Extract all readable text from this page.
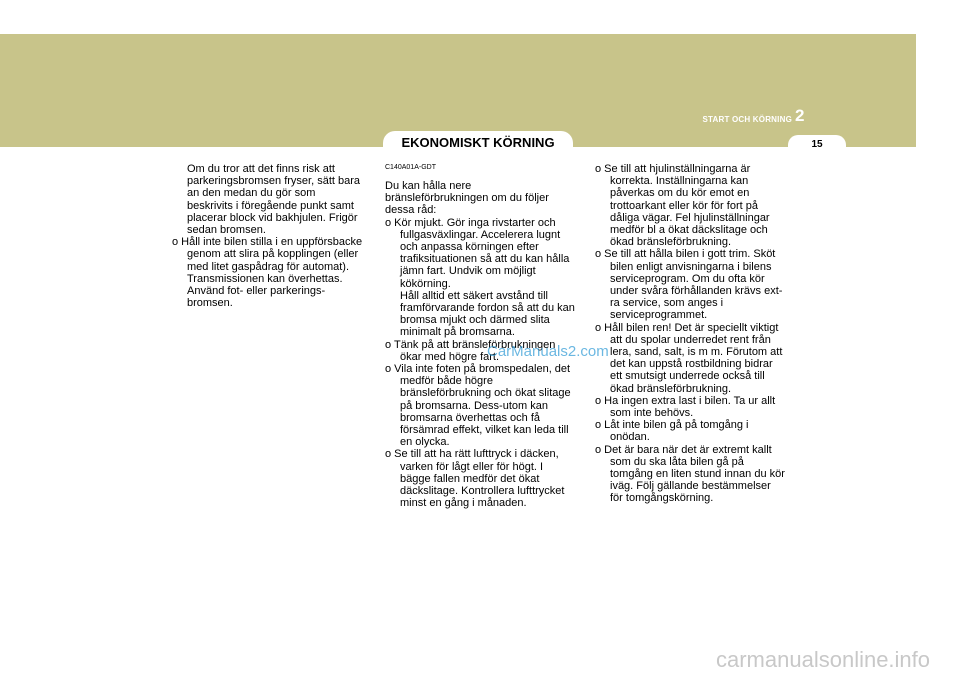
START OCH KÖRNING 2
EKONOMISKT KÖRNING	15

Om du tror att det finns risk att parkeringsbromsen fryser, sätt bara an den medan du gör som beskrivits i föregående punkt samt placerar block vid bakhjulen. Frigör sedan bromsen.

o Håll inte bilen stilla i en uppförsbacke genom att slira på kopplingen (eller med litet gaspådrag för automat). Transmissionen kan överhettas. Använd fot- eller parkerings-bromsen.

C140A01A-GDT

Du kan hålla nere bränsleförbrukningen om du följer dessa råd:

o Kör mjukt. Gör inga rivstarter och fullgasväxlingar. Accelerera lugnt och anpassa körningen efter trafiksituationen så att du kan hålla jämn fart. Undvik om möjligt kökörning.

Håll alltid ett säkert avstånd till framförvarande fordon så att du kan bromsa mjukt och därmed slita minimalt på bromsarna.

o Tänk på att bränsleförbrukningen ökar med högre fart.

o Vila inte foten på bromspedalen, det medför både högre bränsleförbrukning och ökat slitage på bromsarna. Dess-utom kan bromsarna överhettas och få försämrad effekt, vilket kan leda till en olycka.

o Se till att ha rätt lufttryck i däcken, varken för lågt eller för högt. I bägge fallen medför det ökat däckslitage. Kontrollera lufttrycket minst en gång i månaden.

o Se till att hjulinställningarna är korrekta. Inställningarna kan påverkas om du kör emot en trottoarkant eller kör för fort på dåliga vägar. Fel hjulinställningar medför bl a ökat däckslitage och ökad bränsleförbrukning.

o Se till att hålla bilen i gott trim. Sköt bilen enligt anvisningarna i bilens serviceprogram. Om du ofta kör under svåra förhållanden krävs ext-ra service, som anges i serviceprogrammet.

o Håll bilen ren! Det är speciellt viktigt att du spolar underredet rent från lera, sand, salt, is m m. Förutom att det kan uppstå rostbildning bidrar ett smutsigt underrede också till ökad bränsleförbrukning.

o Ha ingen extra last i bilen. Ta ur allt som inte behövs.

o Låt inte bilen gå på tomgång i onödan.

o Det är bara när det är extremt kallt som du ska låta bilen gå på tomgång en liten stund innan du kör iväg. Följ gällande bestämmelser för tomgångskörning.

CarManuals2.com
carmanualsonline.info
